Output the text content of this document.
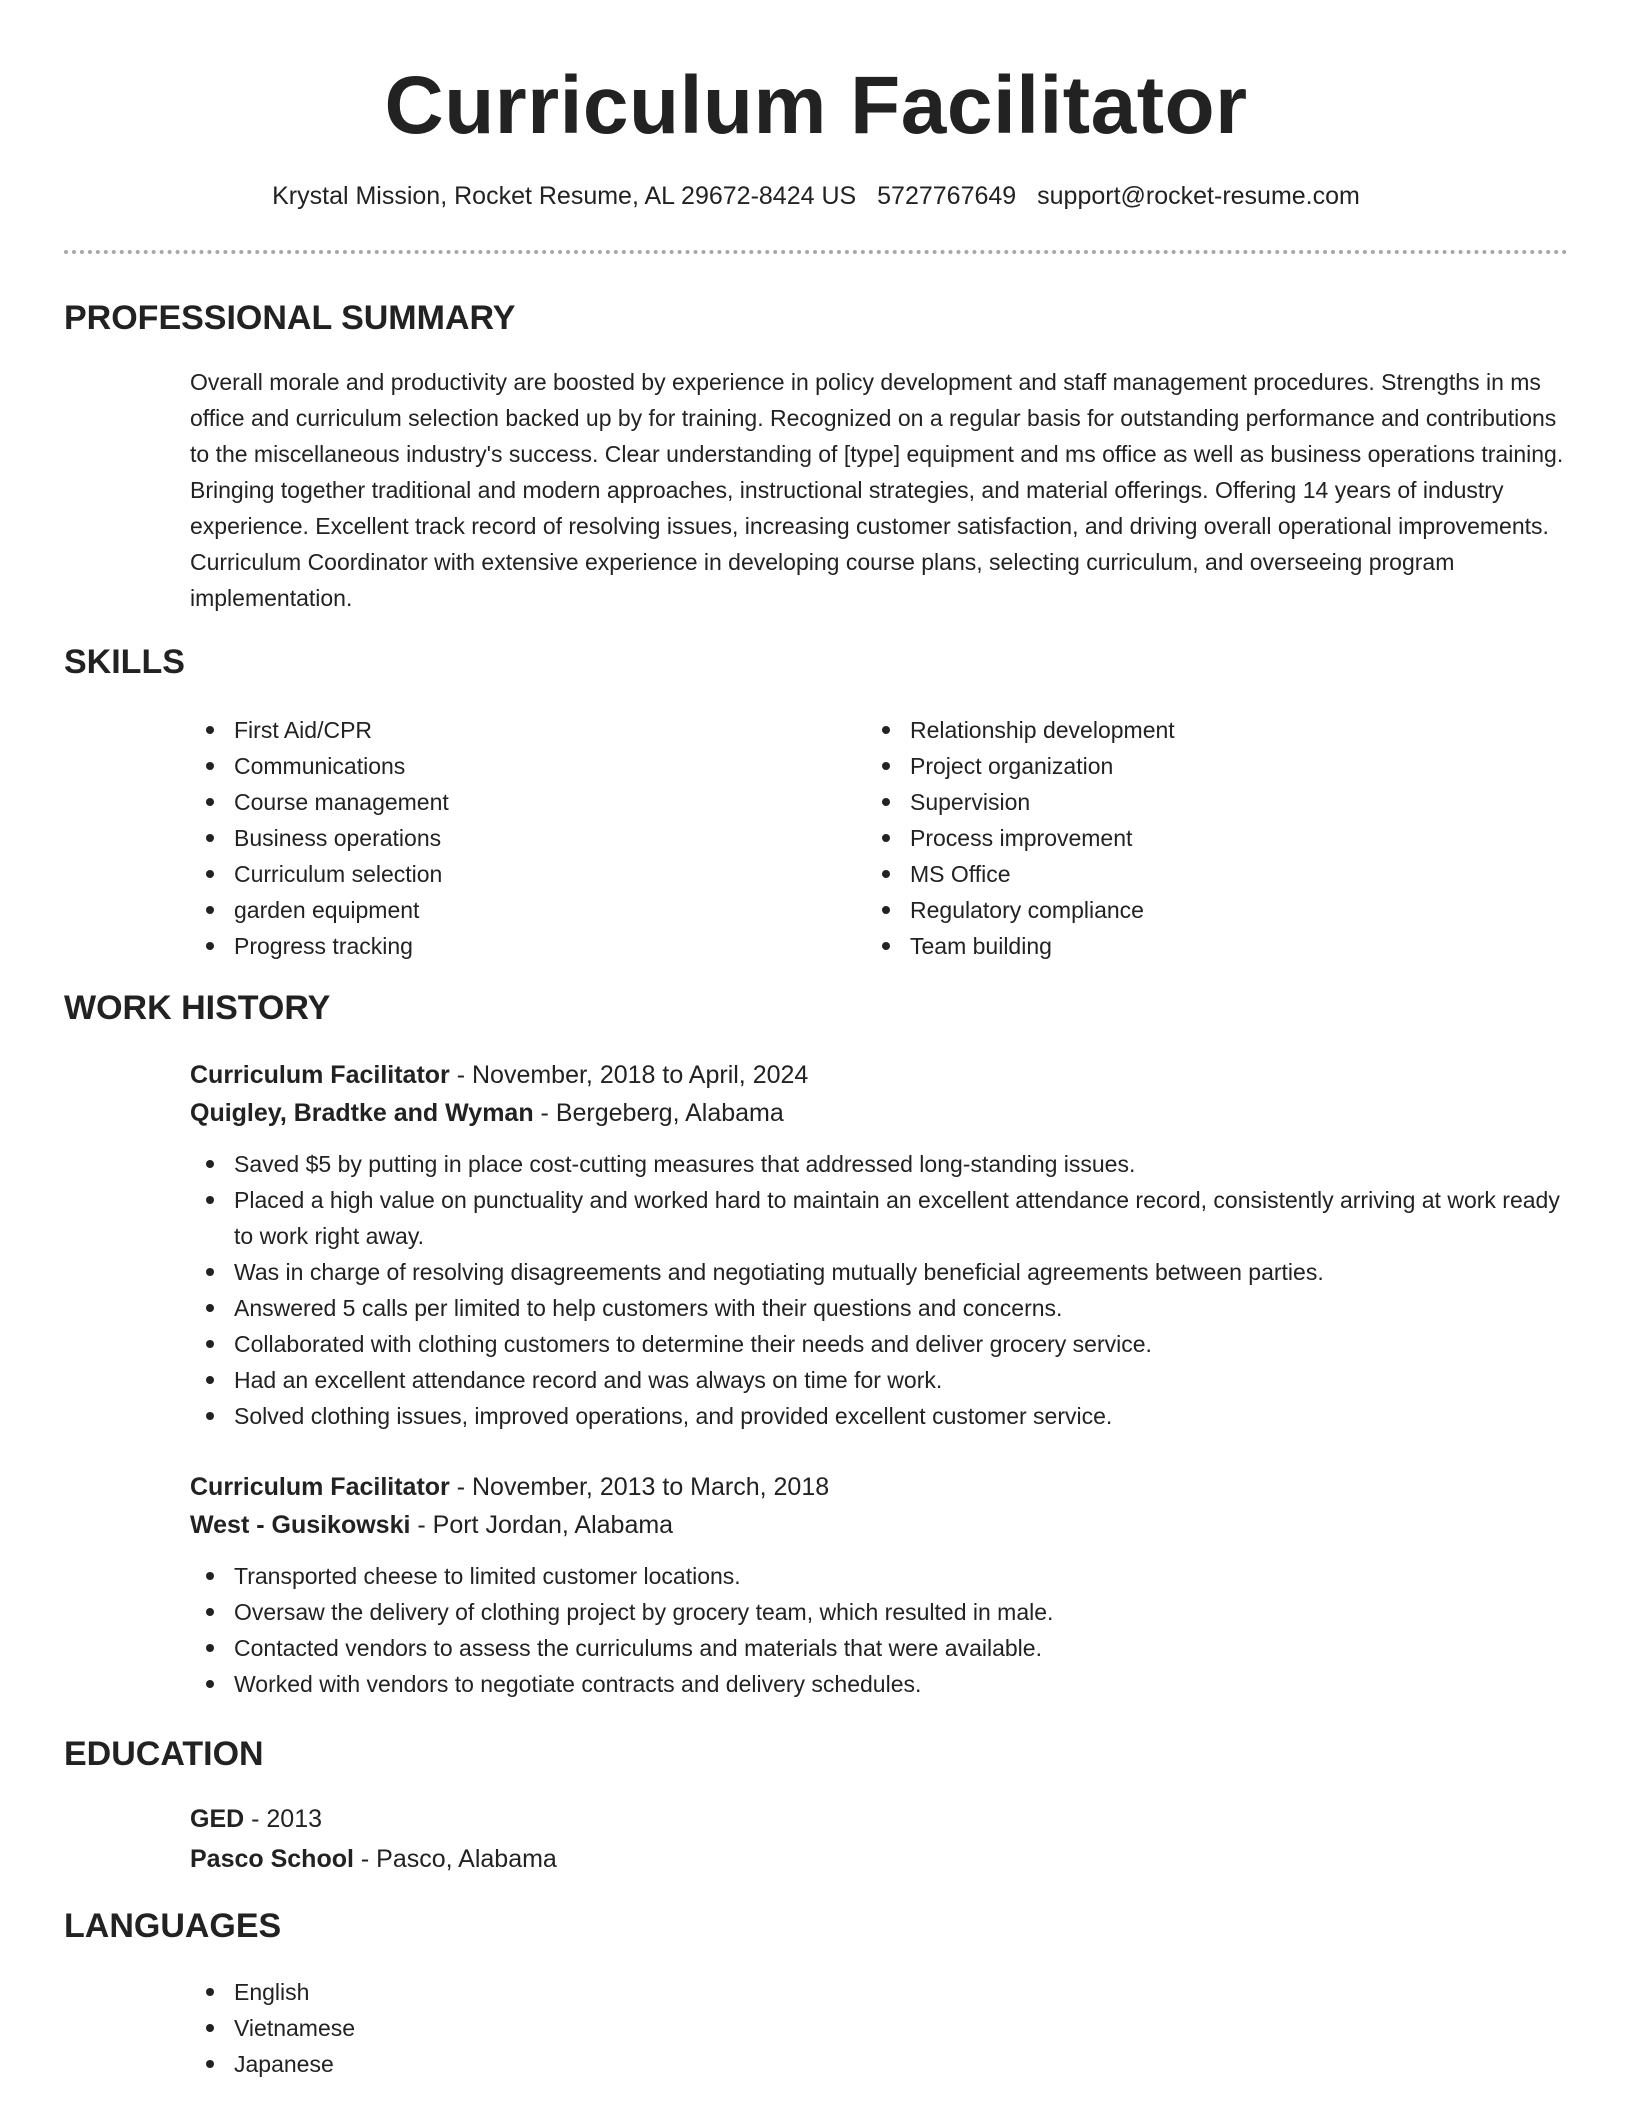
Curriculum Facilitator
Krystal Mission, Rocket Resume, AL 29672-8424 US 5727767649 support@rocket-resume.com
PROFESSIONAL SUMMARY

Overall morale and productivity are boosted by experience in policy development and staff management procedures. Strengths in ms office and curriculum selection backed up by for training. Recognized on a regular basis for outstanding performance and contributions to the miscellaneous industry's success. Clear understanding of [type] equipment and ms office as well as business operations training. Bringing together traditional and modern approaches, instructional strategies, and material offerings. Offering 14 years of industry experience. Excellent track record of resolving issues, increasing customer satisfaction, and driving overall operational improvements. Curriculum Coordinator with extensive experience in developing course plans, selecting curriculum, and overseeing program implementation.

SKILLS
First Aid/CPR
Communications
Course management
Business operations
Curriculum selection
garden equipment
Progress tracking
Relationship development
Project organization
Supervision
Process improvement
MS Office
Regulatory compliance
Team building
WORK HISTORY

Curriculum Facilitator - November, 2018 to April, 2024

Quigley, Bradtke and Wyman - Bergeberg, Alabama

Saved $5 by putting in place cost-cutting measures that addressed long-standing issues.
Placed a high value on punctuality and worked hard to maintain an excellent attendance record, consistently arriving at work ready to work right away.
Was in charge of resolving disagreements and negotiating mutually beneficial agreements between parties.
Answered 5 calls per limited to help customers with their questions and concerns.
Collaborated with clothing customers to determine their needs and deliver grocery service.
Had an excellent attendance record and was always on time for work.
Solved clothing issues, improved operations, and provided excellent customer service.

Curriculum Facilitator - November, 2013 to March, 2018

West - Gusikowski - Port Jordan, Alabama

Transported cheese to limited customer locations.
Oversaw the delivery of clothing project by grocery team, which resulted in male.
Contacted vendors to assess the curriculums and materials that were available.
Worked with vendors to negotiate contracts and delivery schedules.
EDUCATION

GED - 2013

Pasco School - Pasco, Alabama

LANGUAGES
English
Vietnamese
Japanese
